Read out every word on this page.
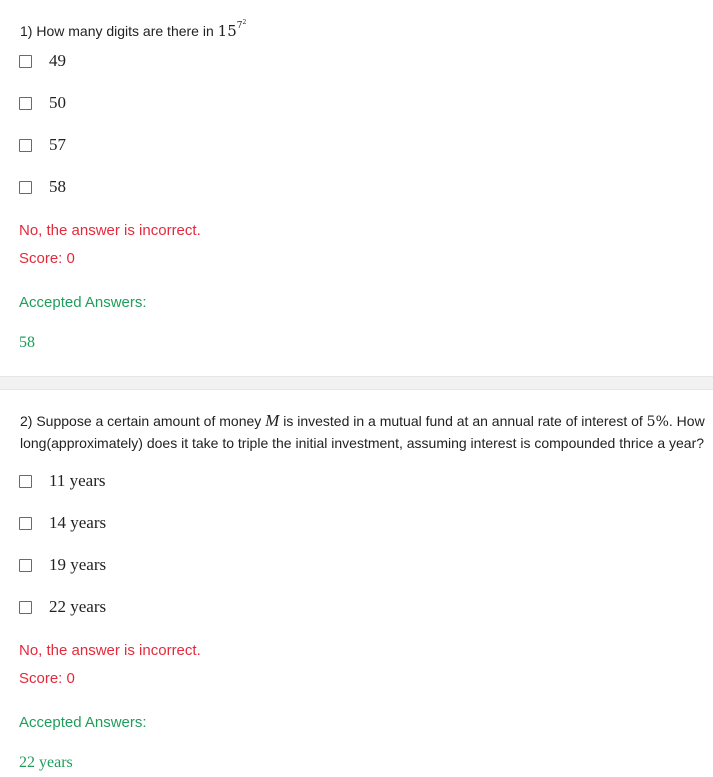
1) How many digits are there in $15^{7^2}$
49
50
57
58
No, the answer is incorrect.
Score: 0
Accepted Answers:
58
2) Suppose a certain amount of money M is invested in a mutual fund at an annual rate of interest of 5%. How
long(approximately) does it take to triple the initial investment, assuming interest is compounded thrice a year?
11 years
14 years
19 years
22 years
No, the answer is incorrect.
Score: 0
Accepted Answers:
22 years
